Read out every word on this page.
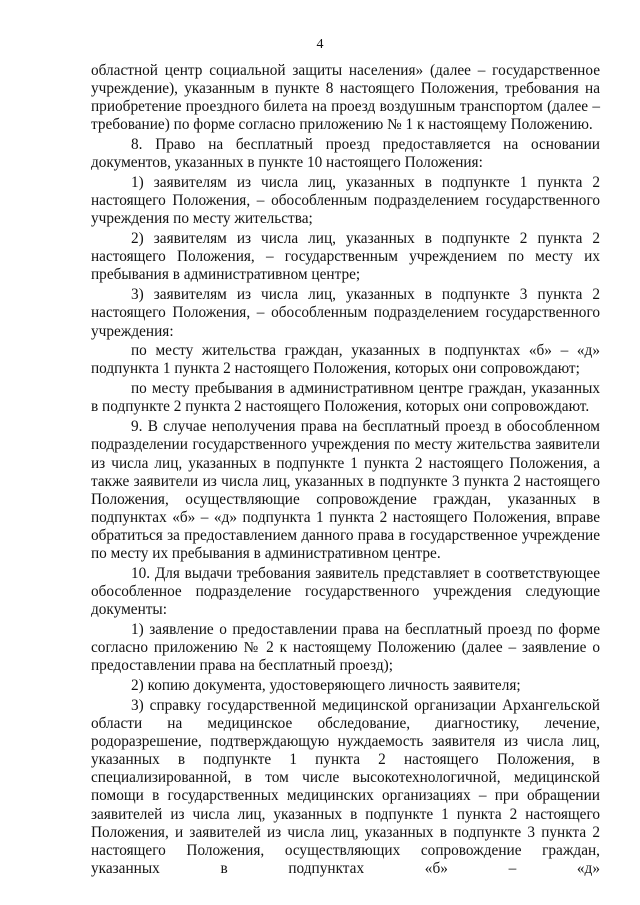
4

областной центр социальной защиты населения» (далее – государственное учреждение), указанным в пункте 8 настоящего Положения, требования на приобретение проездного билета на проезд воздушным транспортом (далее – требование) по форме согласно приложению № 1 к настоящему Положению.

8. Право на бесплатный проезд предоставляется на основании документов, указанных в пункте 10 настоящего Положения:

1) заявителям из числа лиц, указанных в подпункте 1 пункта 2 настоящего Положения, – обособленным подразделением государственного учреждения по месту жительства;

2) заявителям из числа лиц, указанных в подпункте 2 пункта 2 настоящего Положения, – государственным учреждением по месту их пребывания в административном центре;

3) заявителям из числа лиц, указанных в подпункте 3 пункта 2 настоящего Положения, – обособленным подразделением государственного учреждения:

по месту жительства граждан, указанных в подпунктах «б» – «д» подпункта 1 пункта 2 настоящего Положения, которых они сопровождают;

по месту пребывания в административном центре граждан, указанных в подпункте 2 пункта 2 настоящего Положения, которых они сопровождают.

9. В случае неполучения права на бесплатный проезд в обособленном подразделении государственного учреждения по месту жительства заявители из числа лиц, указанных в подпункте 1 пункта 2 настоящего Положения, а также заявители из числа лиц, указанных в подпункте 3 пункта 2 настоящего Положения, осуществляющие сопровождение граждан, указанных в подпунктах «б» – «д» подпункта 1 пункта 2 настоящего Положения, вправе обратиться за предоставлением данного права в государственное учреждение по месту их пребывания в административном центре.

10. Для выдачи требования заявитель представляет в соответствующее обособленное подразделение государственного учреждения следующие документы:

1) заявление о предоставлении права на бесплатный проезд по форме согласно приложению № 2 к настоящему Положению (далее – заявление о предоставлении права на бесплатный проезд);

2) копию документа, удостоверяющего личность заявителя;

3) справку государственной медицинской организации Архангельской области на медицинское обследование, диагностику, лечение, родоразрешение, подтверждающую нуждаемость заявителя из числа лиц, указанных в подпункте 1 пункта 2 настоящего Положения, в специализированной, в том числе высокотехнологичной, медицинской помощи в государственных медицинских организациях – при обращении заявителей из числа лиц, указанных в подпункте 1 пункта 2 настоящего Положения, и заявителей из числа лиц, указанных в подпункте 3 пункта 2 настоящего Положения, осуществляющих сопровождение граждан, указанных в подпунктах «б» – «д»
